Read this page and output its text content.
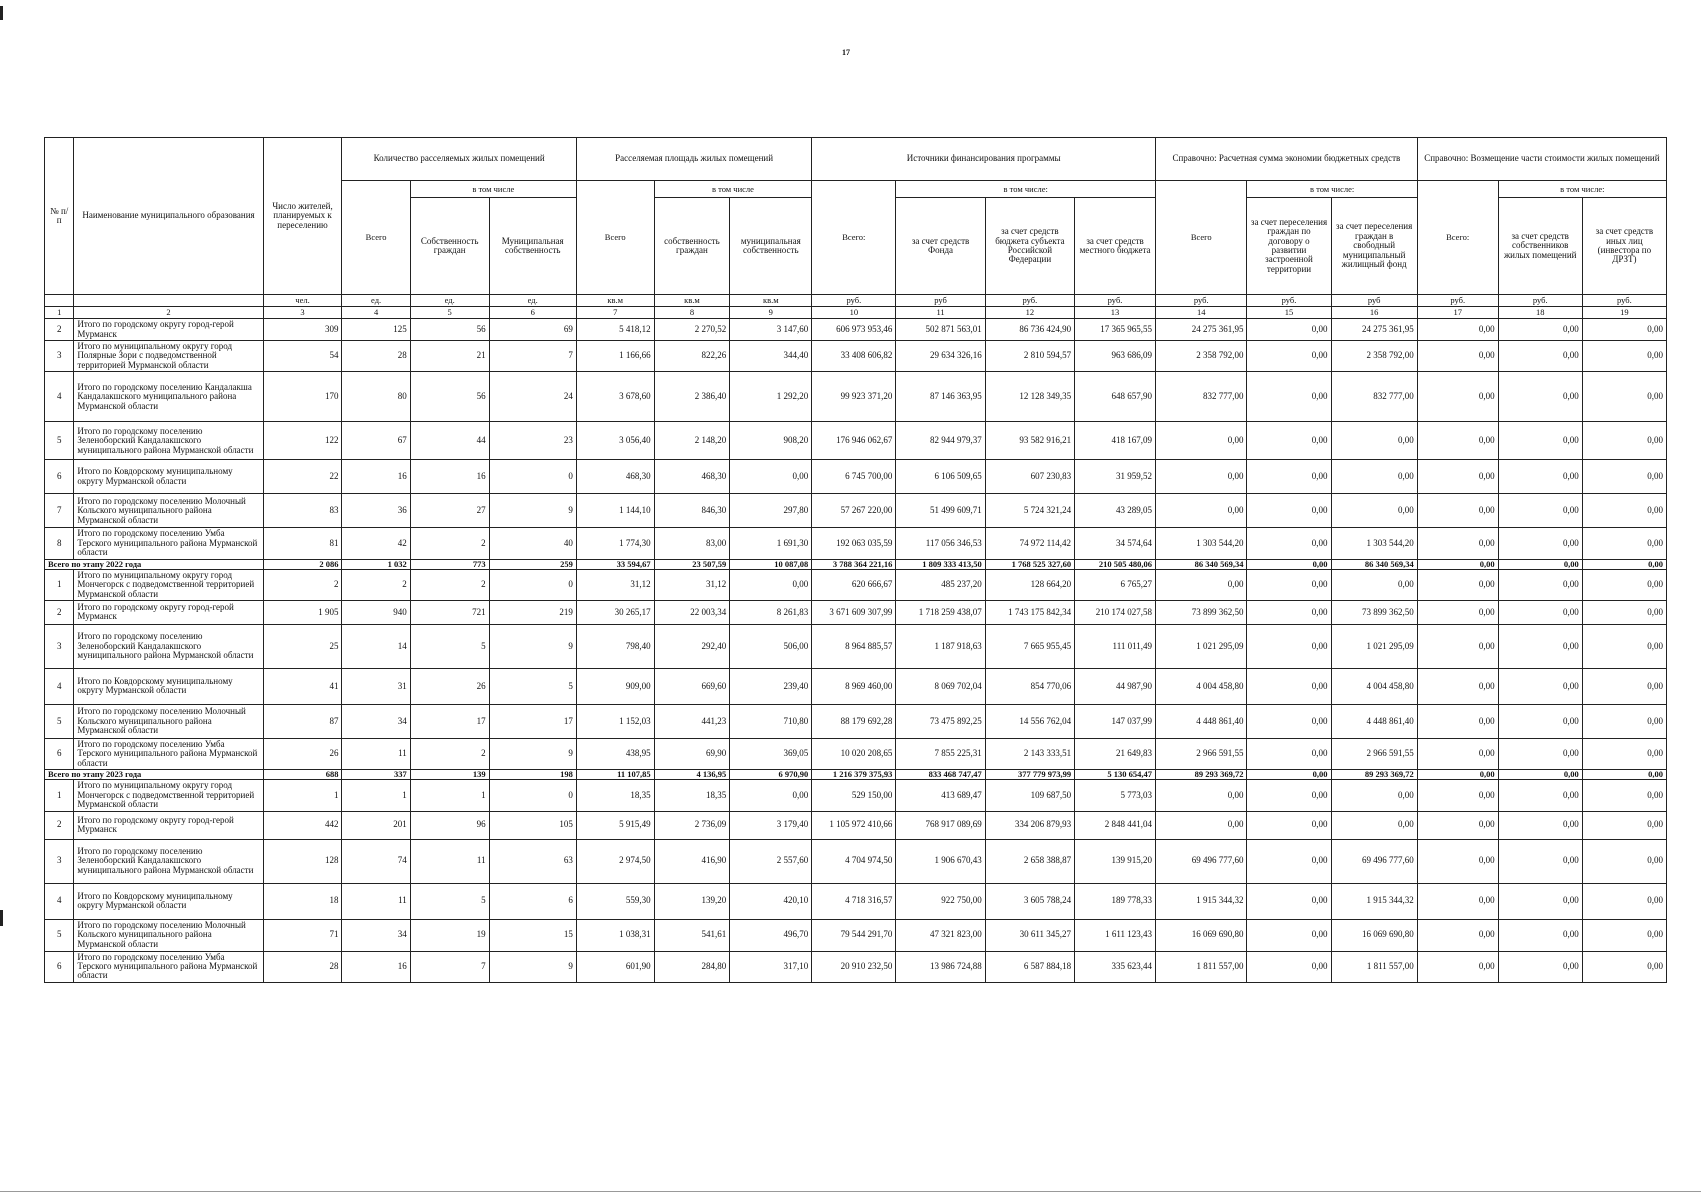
17
№ п/ п	Наименование муниципального образования	Число жителей, планируемых к переселению	Количество расселяемых жилых помещений			Расселяемая площадь жилых помещений			Источники финансирования программы				Справочно: Расчетная сумма экономии бюджетных средств			Справочно: Возмещение части стоимости жилых помещений		
			Всего	в том числе		Всего	в том числе		Всего:	в том числе:			Всего	в том числе:		Всего:	в том числе:	
				Собственность граждан	Муниципальная собственность		собственность граждан	муниципальная собственность		за счет средств Фонда	за счет средств бюджета субъекта Российской Федерации	за счет средств местного бюджета		за счет переселения граждан по договору о развитии застроенной территории	за счет переселения граждан в свободный муниципальный жилищный фонд		за счет средств собственников жилых помещений	за счет средств иных лиц (инвестора по ДРЗТ)
		чел.	ед.	ед.	ед.	кв.м	кв.м	кв.м	руб.	руб	руб.	руб.	руб.	руб.	руб	руб.	руб.	руб.
1	2	3	4	5	6	7	8	9	10	11	12	13	14	15	16	17	18	19
2	Итого по городскому округу город-герой Мурманск	309	125	56	69	5 418,12	2 270,52	3 147,60	606 973 953,46	502 871 563,01	86 736 424,90	17 365 965,55	24 275 361,95	0,00	24 275 361,95	0,00	0,00	0,00
3	Итого по муниципальному округу город Полярные Зори с подведомственной территорией Мурманской области	54	28	21	7	1 166,66	822,26	344,40	33 408 606,82	29 634 326,16	2 810 594,57	963 686,09	2 358 792,00	0,00	2 358 792,00	0,00	0,00	0,00
4	Итого по городскому поселению Кандалакша Кандалакшского муниципального района Мурманской области	170	80	56	24	3 678,60	2 386,40	1 292,20	99 923 371,20	87 146 363,95	12 128 349,35	648 657,90	832 777,00	0,00	832 777,00	0,00	0,00	0,00
5	Итого по городскому поселению Зеленоборский Кандалакшского муниципального района Мурманской области	122	67	44	23	3 056,40	2 148,20	908,20	176 946 062,67	82 944 979,37	93 582 916,21	418 167,09	0,00	0,00	0,00	0,00	0,00	0,00
6	Итого по Ковдорскому муниципальному округу Мурманской области	22	16	16	0	468,30	468,30	0,00	6 745 700,00	6 106 509,65	607 230,83	31 959,52	0,00	0,00	0,00	0,00	0,00	0,00
7	Итого по городскому поселению Молочный Кольского муниципального района Мурманской области	83	36	27	9	1 144,10	846,30	297,80	57 267 220,00	51 499 609,71	5 724 321,24	43 289,05	0,00	0,00	0,00	0,00	0,00	0,00
8	Итого по городскому поселению Умба Терского муниципального района Мурманской области	81	42	2	40	1 774,30	83,00	1 691,30	192 063 035,59	117 056 346,53	74 972 114,42	34 574,64	1 303 544,20	0,00	1 303 544,20	0,00	0,00	0,00
Всего по этапу 2022 года		2 086	1 032	773	259	33 594,67	23 507,59	10 087,08	3 788 364 221,16	1 809 333 413,50	1 768 525 327,60	210 505 480,06	86 340 569,34	0,00	86 340 569,34	0,00	0,00	0,00
1	Итого по муниципальному округу город Мончегорск с подведомственной территорией Мурманской области	2	2	2	0	31,12	31,12	0,00	620 666,67	485 237,20	128 664,20	6 765,27	0,00	0,00	0,00	0,00	0,00	0,00
2	Итого по городскому округу город-герой Мурманск	1 905	940	721	219	30 265,17	22 003,34	8 261,83	3 671 609 307,99	1 718 259 438,07	1 743 175 842,34	210 174 027,58	73 899 362,50	0,00	73 899 362,50	0,00	0,00	0,00
3	Итого по городскому поселению Зеленоборский Кандалакшского муниципального района Мурманской области	25	14	5	9	798,40	292,40	506,00	8 964 885,57	1 187 918,63	7 665 955,45	111 011,49	1 021 295,09	0,00	1 021 295,09	0,00	0,00	0,00
4	Итого по Ковдорскому муниципальному округу Мурманской области	41	31	26	5	909,00	669,60	239,40	8 969 460,00	8 069 702,04	854 770,06	44 987,90	4 004 458,80	0,00	4 004 458,80	0,00	0,00	0,00
5	Итого по городскому поселению Молочный Кольского муниципального района Мурманской области	87	34	17	17	1 152,03	441,23	710,80	88 179 692,28	73 475 892,25	14 556 762,04	147 037,99	4 448 861,40	0,00	4 448 861,40	0,00	0,00	0,00
6	Итого по городскому поселению Умба Терского муниципального района Мурманской области	26	11	2	9	438,95	69,90	369,05	10 020 208,65	7 855 225,31	2 143 333,51	21 649,83	2 966 591,55	0,00	2 966 591,55	0,00	0,00	0,00
Всего по этапу 2023 года		688	337	139	198	11 107,85	4 136,95	6 970,90	1 216 379 375,93	833 468 747,47	377 779 973,99	5 130 654,47	89 293 369,72	0,00	89 293 369,72	0,00	0,00	0,00
1	Итого по муниципальному округу город Мончегорск с подведомственной территорией Мурманской области	1	1	1	0	18,35	18,35	0,00	529 150,00	413 689,47	109 687,50	5 773,03	0,00	0,00	0,00	0,00	0,00	0,00
2	Итого по городскому округу город-герой Мурманск	442	201	96	105	5 915,49	2 736,09	3 179,40	1 105 972 410,66	768 917 089,69	334 206 879,93	2 848 441,04	0,00	0,00	0,00	0,00	0,00	0,00
3	Итого по городскому поселению Зеленоборский Кандалакшского муниципального района Мурманской области	128	74	11	63	2 974,50	416,90	2 557,60	4 704 974,50	1 906 670,43	2 658 388,87	139 915,20	69 496 777,60	0,00	69 496 777,60	0,00	0,00	0,00
4	Итого по Ковдорскому муниципальному округу Мурманской области	18	11	5	6	559,30	139,20	420,10	4 718 316,57	922 750,00	3 605 788,24	189 778,33	1 915 344,32	0,00	1 915 344,32	0,00	0,00	0,00
5	Итого по городскому поселению Молочный Кольского муниципального района Мурманской области	71	34	19	15	1 038,31	541,61	496,70	79 544 291,70	47 321 823,00	30 611 345,27	1 611 123,43	16 069 690,80	0,00	16 069 690,80	0,00	0,00	0,00
6	Итого по городскому поселению Умба Терского муниципального района Мурманской области	28	16	7	9	601,90	284,80	317,10	20 910 232,50	13 986 724,88	6 587 884,18	335 623,44	1 811 557,00	0,00	1 811 557,00	0,00	0,00	0,00
